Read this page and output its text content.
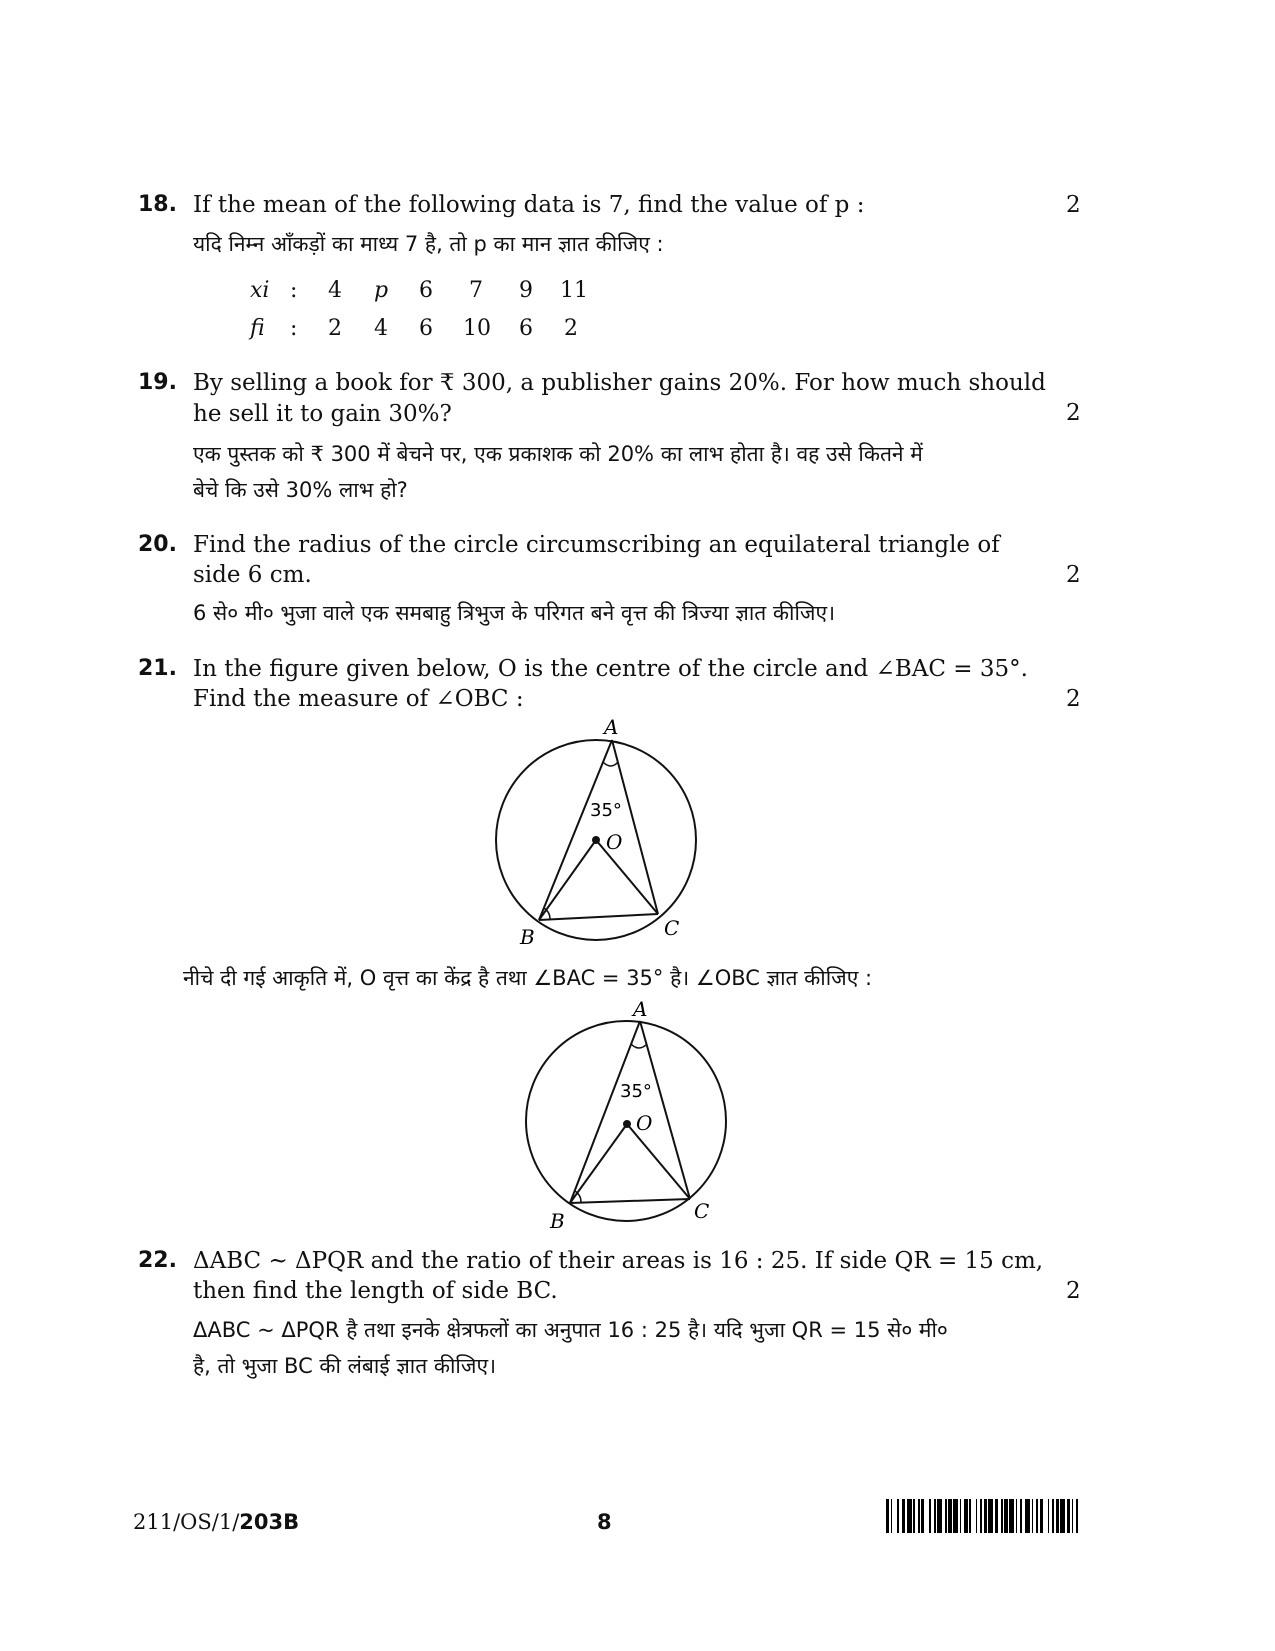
18. If the mean of the following data is 7, find the value of p :
यदि निम्न आँकड़ों का माध्य 7 है, तो p का मान ज्ञात कीजिए :
2
xi : 4 p 6 7 9 11
fi : 2 4 6 10 6 2
19. By selling a book for ₹ 300, a publisher gains 20%. For how much should
he sell it to gain 30%?
एक पुस्तक को ₹ 300 में बेचने पर, एक प्रकाशक को 20% का लाभ होता है। वह उसे कितने में
बेचे कि उसे 30% लाभ हो?
2
20. Find the radius of the circle circumscribing an equilateral triangle of
side 6 cm.
6 से० मी० भुजा वाले एक समबाहु त्रिभुज के परिगत बने वृत्त की त्रिज्या ज्ञात कीजिए।
2
21. In the figure given below, O is the centre of the circle and ∠BAC = 35°.
Find the measure of ∠OBC :	2
A
35°
O
B	C
नीचे दी गई आकृति में, O वृत्त का केंद्र है तथा ∠BAC = 35° है। ∠OBC ज्ञात कीजिए :
A
35°
O
B	C
22. ΔABC ~ ΔPQR and the ratio of their areas is 16 : 25. If side QR = 15 cm,
then find the length of side BC.
ΔABC ~ ΔPQR है तथा इनके क्षेत्रफलों का अनुपात 16 : 25 है। यदि भुजा QR = 15 से० मी०
है, तो भुजा BC की लंबाई ज्ञात कीजिए।
2
211/OS/1/203B	8
